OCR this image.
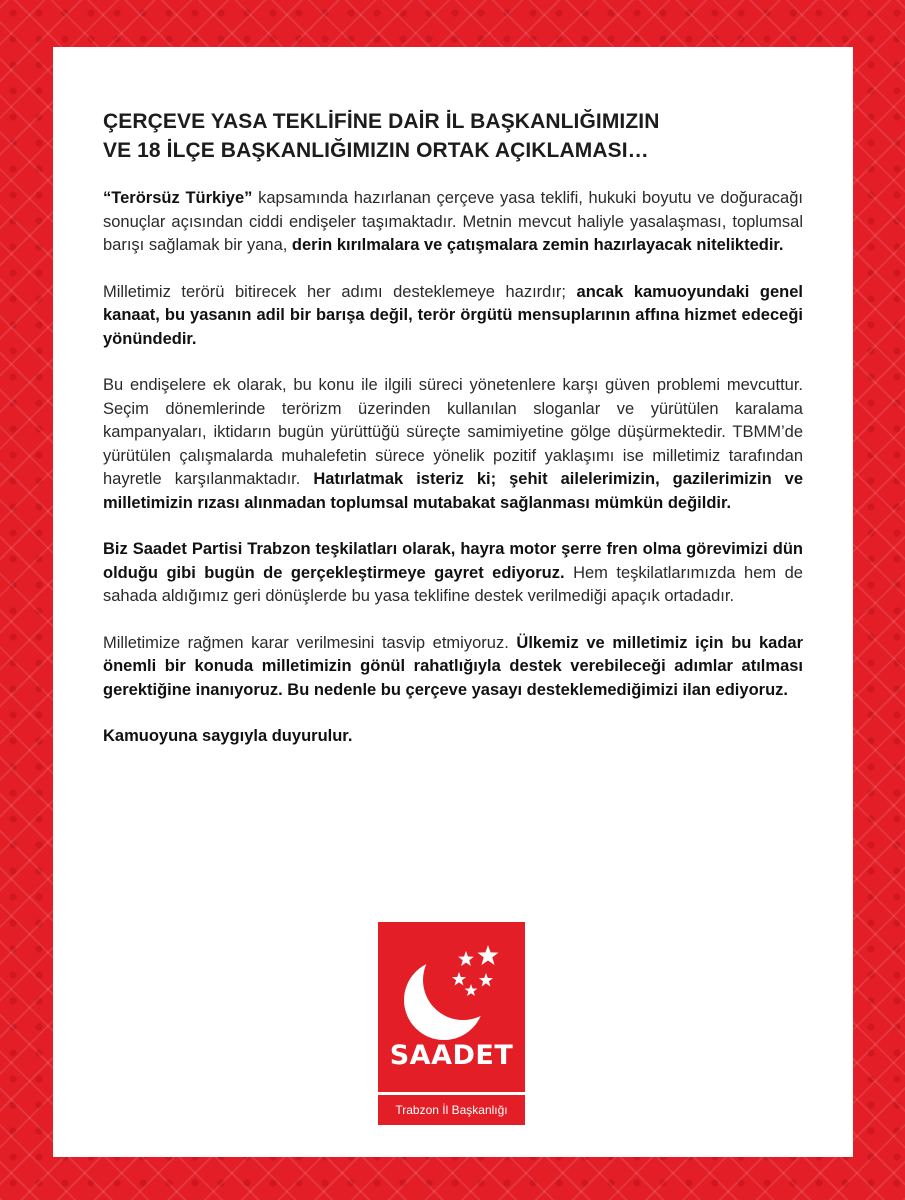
ÇERÇEVE YASA TEKLİFİNE DAİR İL BAŞKANLIĞIMIZIN
VE 18 İLÇE BAŞKANLIĞIMIZIN ORTAK AÇIKLAMASI…

“Terörsüz Türkiye” kapsamında hazırlanan çerçeve yasa teklifi, hukuki boyutu ve doğuracağı sonuçlar açısından ciddi endişeler taşımaktadır. Metnin mevcut haliyle yasalaşması, toplumsal barışı sağlamak bir yana, derin kırılmalara ve çatışmalara zemin hazırlayacak niteliktedir.

Milletimiz terörü bitirecek her adımı desteklemeye hazırdır; ancak kamuoyundaki genel kanaat, bu yasanın adil bir barışa değil, terör örgütü mensuplarının affına hizmet edeceği yönündedir.

Bu endişelere ek olarak, bu konu ile ilgili süreci yönetenlere karşı güven problemi mevcuttur. Seçim dönemlerinde terörizm üzerinden kullanılan sloganlar ve yürütülen karalama kampanyaları, iktidarın bugün yürüttüğü süreçte samimiyetine gölge düşürmektedir. TBMM’de yürütülen çalışmalarda muhalefetin sürece yönelik pozitif yaklaşımı ise milletimiz tarafından hayretle karşılanmaktadır. Hatırlatmak isteriz ki; şehit ailelerimizin, gazilerimizin ve milletimizin rızası alınmadan toplumsal mutabakat sağlanması mümkün değildir.

Biz Saadet Partisi Trabzon teşkilatları olarak, hayra motor şerre fren olma görevimizi dün olduğu gibi bugün de gerçekleştirmeye gayret ediyoruz. Hem teşkilatlarımızda hem de sahada aldığımız geri dönüşlerde bu yasa teklifine destek verilmediği apaçık ortadadır.

Milletimize rağmen karar verilmesini tasvip etmiyoruz. Ülkemiz ve milletimiz için bu kadar önemli bir konuda milletimizin gönül rahatlığıyla destek verebileceği adımlar atılması gerektiğine inanıyoruz. Bu nedenle bu çerçeve yasayı desteklemediğimizi ilan ediyoruz.

Kamuoyuna saygıyla duyurulur.

SAADET
Trabzon İl Başkanlığı
